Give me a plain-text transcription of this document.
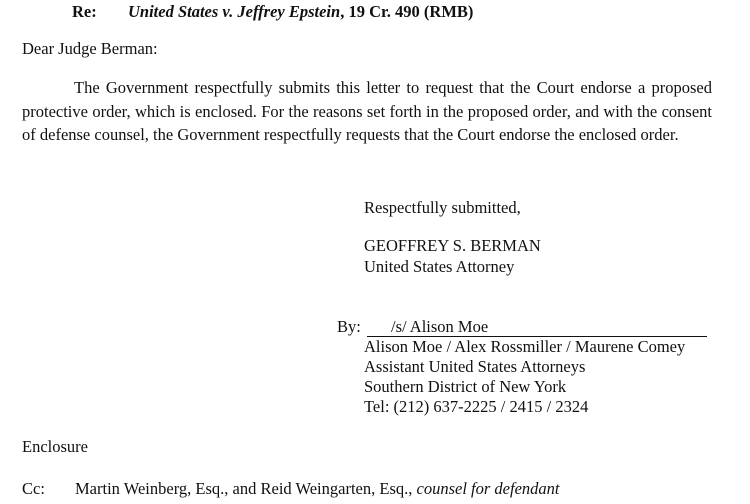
Re: United States v. Jeffrey Epstein, 19 Cr. 490 (RMB)
Dear Judge Berman:
The Government respectfully submits this letter to request that the Court endorse a proposed protective order, which is enclosed. For the reasons set forth in the proposed order, and with the consent of defense counsel, the Government respectfully requests that the Court endorse the enclosed order.
Respectfully submitted,
GEOFFREY S. BERMAN
United States Attorney
By: /s/ Alison Moe
Alison Moe / Alex Rossmiller / Maurene Comey
Assistant United States Attorneys
Southern District of New York
Tel: (212) 637-2225 / 2415 / 2324
Enclosure
Cc: Martin Weinberg, Esq., and Reid Weingarten, Esq., counsel for defendant
